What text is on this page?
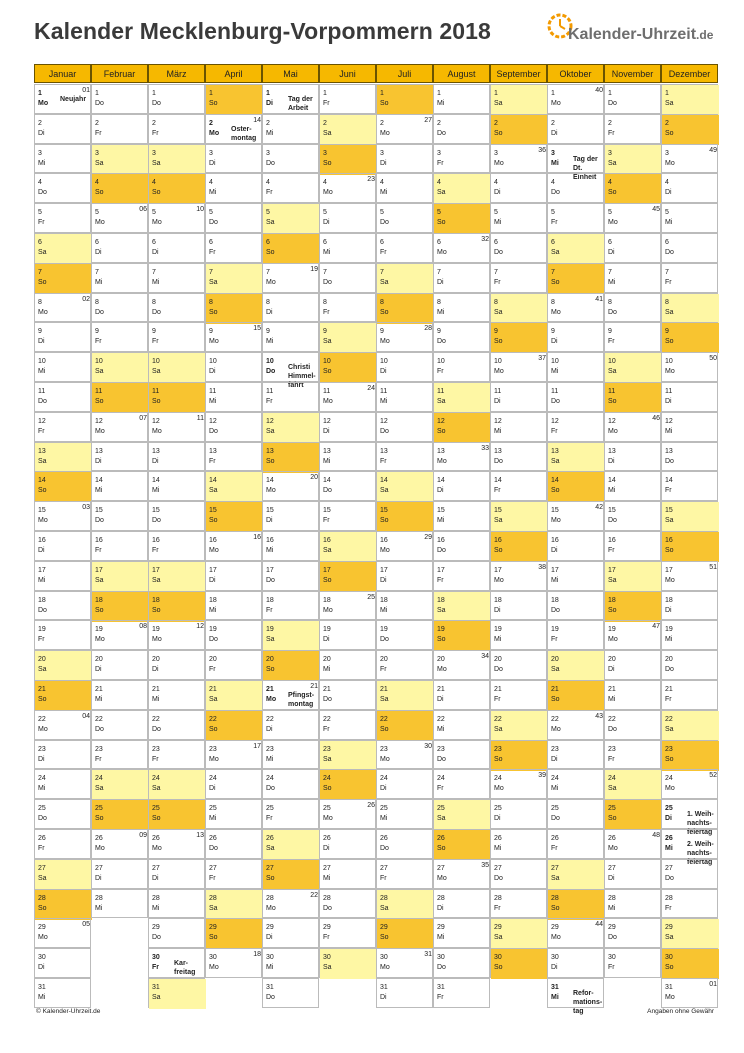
Kalender Mecklenburg-Vorpommern 2018	Kalender-Uhrzeit.de
Januar
1
Mo
01
Neujahr
2
Di
3
Mi
4
Do
5
Fr
6
Sa
7
So
8
Mo
02
9
Di
10
Mi
11
Do
12
Fr
13
Sa
14
So
15
Mo
03
16
Di
17
Mi
18
Do
19
Fr
20
Sa
21
So
22
Mo
04
23
Di
24
Mi
25
Do
26
Fr
27
Sa
28
So
29
Mo
05
30
Di
31
Mi
Februar
1
Do
2
Fr
3
Sa
4
So
5
Mo
06
6
Di
7
Mi
8
Do
9
Fr
10
Sa
11
So
12
Mo
07
13
Di
14
Mi
15
Do
16
Fr
17
Sa
18
So
19
Mo
08
20
Di
21
Mi
22
Do
23
Fr
24
Sa
25
So
26
Mo
09
27
Di
28
Mi
März
1
Do
2
Fr
3
Sa
4
So
5
Mo
10
6
Di
7
Mi
8
Do
9
Fr
10
Sa
11
So
12
Mo
11
13
Di
14
Mi
15
Do
16
Fr
17
Sa
18
So
19
Mo
12
20
Di
21
Mi
22
Do
23
Fr
24
Sa
25
So
26
Mo
13
27
Di
28
Mi
29
Do
30
Fr
Kar-freitag
31
Sa
April
1
So
2
Mo
14
Oster-montag
3
Di
4
Mi
5
Do
6
Fr
7
Sa
8
So
9
Mo
15
10
Di
11
Mi
12
Do
13
Fr
14
Sa
15
So
16
Mo
16
17
Di
18
Mi
19
Do
20
Fr
21
Sa
22
So
23
Mo
17
24
Di
25
Mi
26
Do
27
Fr
28
Sa
29
So
30
Mo
18
Mai
1
Di
Tag der Arbeit
2
Mi
3
Do
4
Fr
5
Sa
6
So
7
Mo
19
8
Di
9
Mi
10
Do
Christi Himmel-fahrt
11
Fr
12
Sa
13
So
14
Mo
20
15
Di
16
Mi
17
Do
18
Fr
19
Sa
20
So
21
Mo
21
Pfingst-montag
22
Di
23
Mi
24
Do
25
Fr
26
Sa
27
So
28
Mo
22
29
Di
30
Mi
31
Do
Juni
1
Fr
2
Sa
3
So
4
Mo
23
5
Di
6
Mi
7
Do
8
Fr
9
Sa
10
So
11
Mo
24
12
Di
13
Mi
14
Do
15
Fr
16
Sa
17
So
18
Mo
25
19
Di
20
Mi
21
Do
22
Fr
23
Sa
24
So
25
Mo
26
26
Di
27
Mi
28
Do
29
Fr
30
Sa
Juli
1
So
2
Mo
27
3
Di
4
Mi
5
Do
6
Fr
7
Sa
8
So
9
Mo
28
10
Di
11
Mi
12
Do
13
Fr
14
Sa
15
So
16
Mo
29
17
Di
18
Mi
19
Do
20
Fr
21
Sa
22
So
23
Mo
30
24
Di
25
Mi
26
Do
27
Fr
28
Sa
29
So
30
Mo
31
31
Di
August
1
Mi
2
Do
3
Fr
4
Sa
5
So
6
Mo
32
7
Di
8
Mi
9
Do
10
Fr
11
Sa
12
So
13
Mo
33
14
Di
15
Mi
16
Do
17
Fr
18
Sa
19
So
20
Mo
34
21
Di
22
Mi
23
Do
24
Fr
25
Sa
26
So
27
Mo
35
28
Di
29
Mi
30
Do
31
Fr
September
1
Sa
2
So
3
Mo
36
4
Di
5
Mi
6
Do
7
Fr
8
Sa
9
So
10
Mo
37
11
Di
12
Mi
13
Do
14
Fr
15
Sa
16
So
17
Mo
38
18
Di
19
Mi
20
Do
21
Fr
22
Sa
23
So
24
Mo
39
25
Di
26
Mi
27
Do
28
Fr
29
Sa
30
So
Oktober
1
Mo
40
2
Di
3
Mi
Tag der Dt. Einheit
4
Do
5
Fr
6
Sa
7
So
8
Mo
41
9
Di
10
Mi
11
Do
12
Fr
13
Sa
14
So
15
Mo
42
16
Di
17
Mi
18
Do
19
Fr
20
Sa
21
So
22
Mo
43
23
Di
24
Mi
25
Do
26
Fr
27
Sa
28
So
29
Mo
44
30
Di
31
Mi
Refor-mations-tag
November
1
Do
2
Fr
3
Sa
4
So
5
Mo
45
6
Di
7
Mi
8
Do
9
Fr
10
Sa
11
So
12
Mo
46
13
Di
14
Mi
15
Do
16
Fr
17
Sa
18
So
19
Mo
47
20
Di
21
Mi
22
Do
23
Fr
24
Sa
25
So
26
Mo
48
27
Di
28
Mi
29
Do
30
Fr
Dezember
1
Sa
2
So
3
Mo
49
4
Di
5
Mi
6
Do
7
Fr
8
Sa
9
So
10
Mo
50
11
Di
12
Mi
13
Do
14
Fr
15
Sa
16
So
17
Mo
51
18
Di
19
Mi
20
Do
21
Fr
22
Sa
23
So
24
Mo
52
25
Di
1. Weih-nachts-feiertag
26
Mi
2. Weih-nachts-feiertag
27
Do
28
Fr
29
Sa
30
So
31
Mo
01
© Kalender-Uhrzeit.de	Angaben ohne Gewähr
